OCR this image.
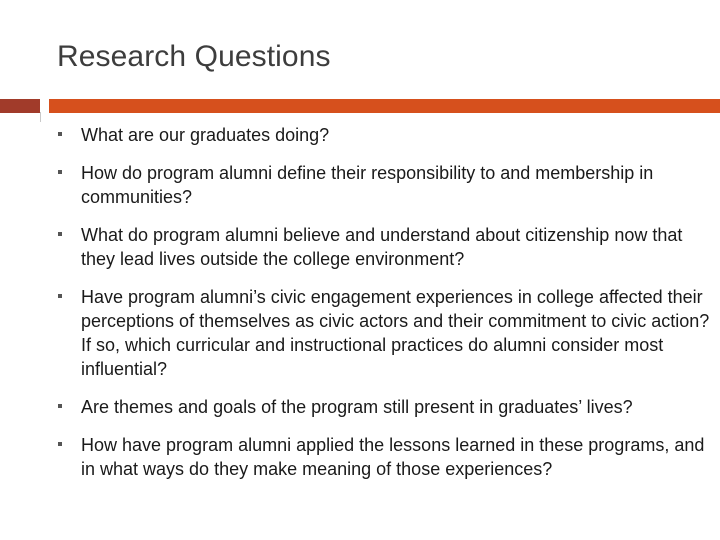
Research Questions
What are our graduates doing?
How do program alumni define their responsibility to and membership in communities?
What do program alumni believe and understand about citizenship now that they lead lives outside the college environment?
Have program alumni’s civic engagement experiences in college affected their perceptions of themselves as civic actors and their commitment to civic action? If so, which curricular and instructional practices do alumni consider most influential?
Are themes and goals of the program still present in graduates’ lives?
How have program alumni applied the lessons learned in these programs, and in what ways do they make meaning of those experiences?
